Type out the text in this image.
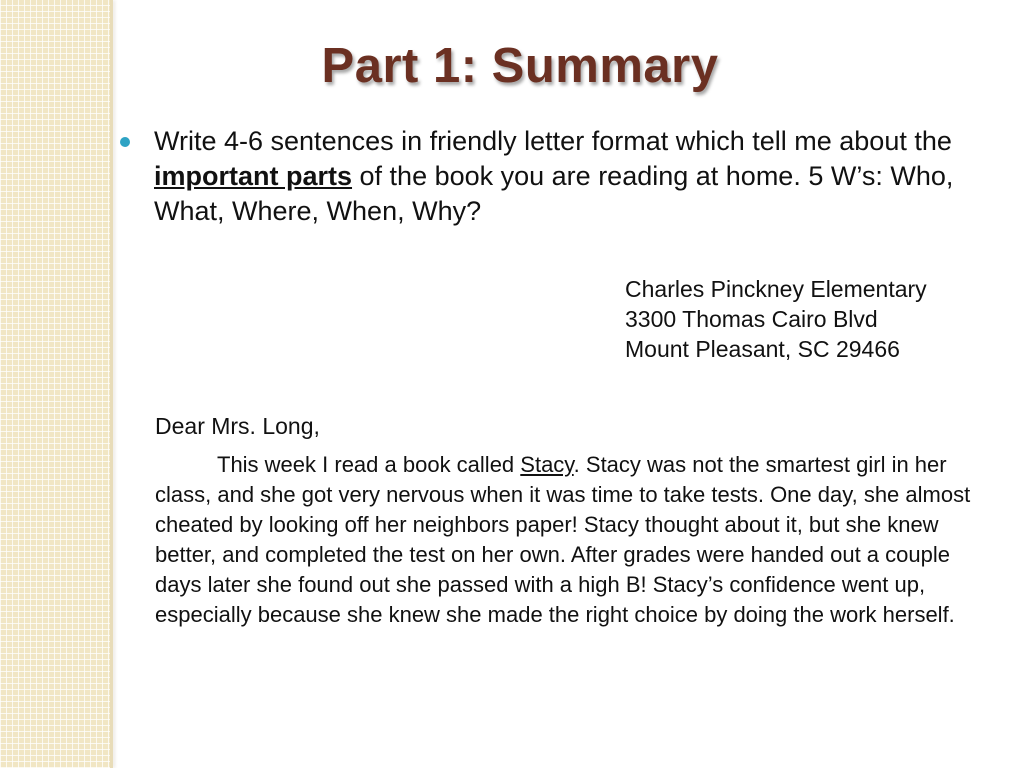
Part 1: Summary
Write 4-6 sentences in friendly letter format which tell me about the important parts of the book you are reading at home. 5 W’s: Who, What, Where, When, Why?
Charles Pinckney Elementary
3300 Thomas Cairo Blvd
Mount Pleasant, SC 29466
Dear Mrs. Long,
This week I read a book called Stacy. Stacy was not the smartest girl in her class, and she got very nervous when it was time to take tests. One day, she almost cheated by looking off her neighbors paper! Stacy thought about it, but she knew better, and completed the test on her own. After grades were handed out a couple days later she found out she passed with a high B! Stacy’s confidence went up, especially because she knew she made the right choice by doing the work herself.
